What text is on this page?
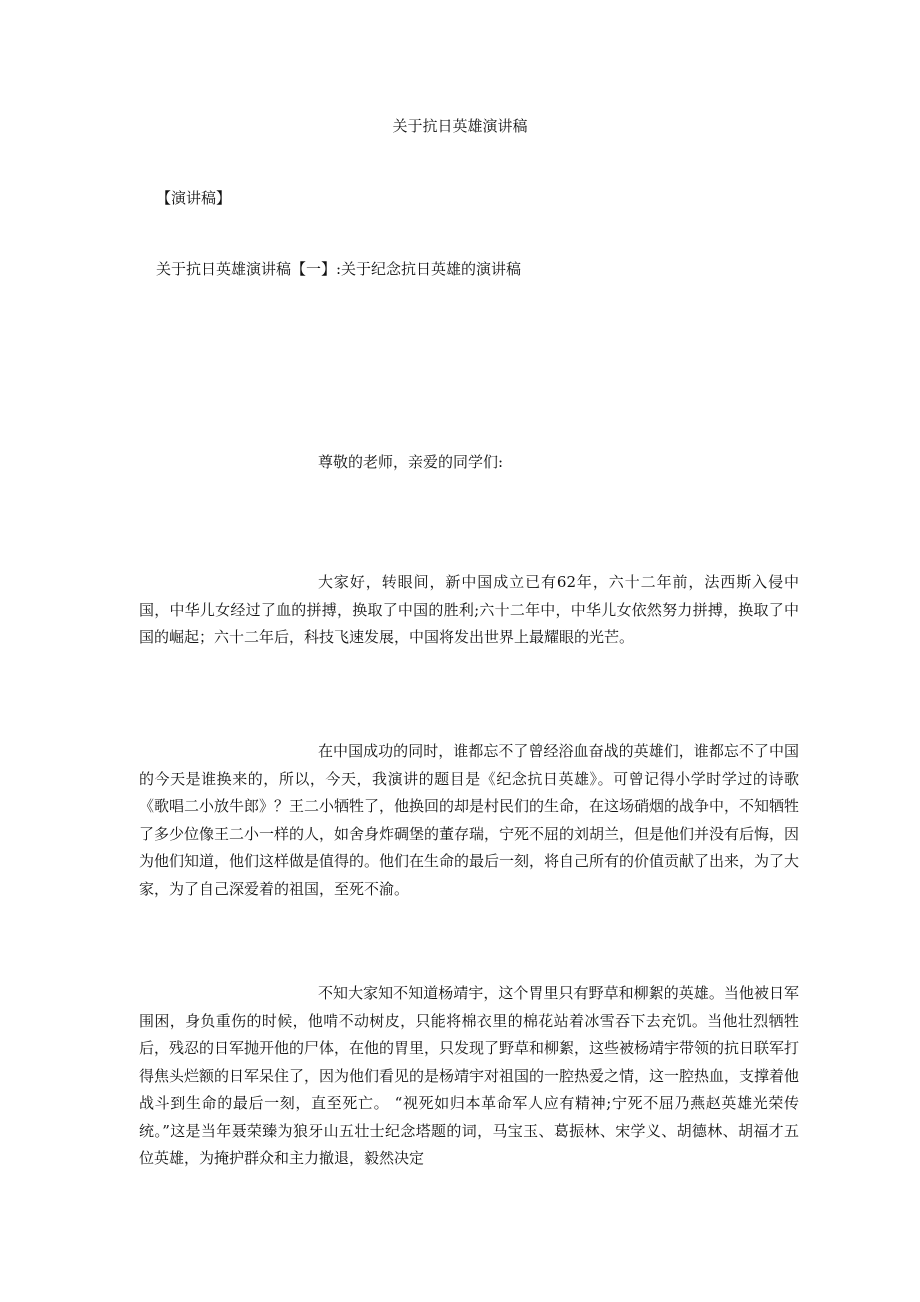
关于抗日英雄演讲稿
【演讲稿】
关于抗日英雄演讲稿【一】:关于纪念抗日英雄的演讲稿
尊敬的老师，亲爱的同学们:

大家好，转眼间，新中国成立已有62年，六十二年前，法西斯入侵中国，中华儿女经过了血的拼搏，换取了中国的胜利;六十二年中，中华儿女依然努力拼搏，换取了中国的崛起；六十二年后，科技飞速发展，中国将发出世界上最耀眼的光芒。

在中国成功的同时，谁都忘不了曾经浴血奋战的英雄们，谁都忘不了中国的今天是谁换来的，所以，今天，我演讲的题目是《纪念抗日英雄》。可曾记得小学时学过的诗歌《歌唱二小放牛郎》？王二小牺牲了，他换回的却是村民们的生命，在这场硝烟的战争中，不知牺牲了多少位像王二小一样的人，如舍身炸碉堡的董存瑞，宁死不屈的刘胡兰，但是他们并没有后悔，因为他们知道，他们这样做是值得的。他们在生命的最后一刻，将自己所有的价值贡献了出来，为了大家，为了自己深爱着的祖国，至死不渝。

不知大家知不知道杨靖宇，这个胃里只有野草和柳絮的英雄。当他被日军围困，身负重伤的时候，他啃不动树皮，只能将棉衣里的棉花站着冰雪吞下去充饥。当他壮烈牺牲后，残忍的日军抛开他的尸体，在他的胃里，只发现了野草和柳絮，这些被杨靖宇带领的抗日联军打得焦头烂额的日军呆住了，因为他们看见的是杨靖宇对祖国的一腔热爱之情，这一腔热血，支撑着他战斗到生命的最后一刻，直至死亡。 “视死如归本革命军人应有精神;宁死不屈乃燕赵英雄光荣传统。”这是当年聂荣臻为狼牙山五壮士纪念塔题的词，马宝玉、葛振林、宋学义、胡德林、胡福才五位英雄，为掩护群众和主力撤退，毅然决定
